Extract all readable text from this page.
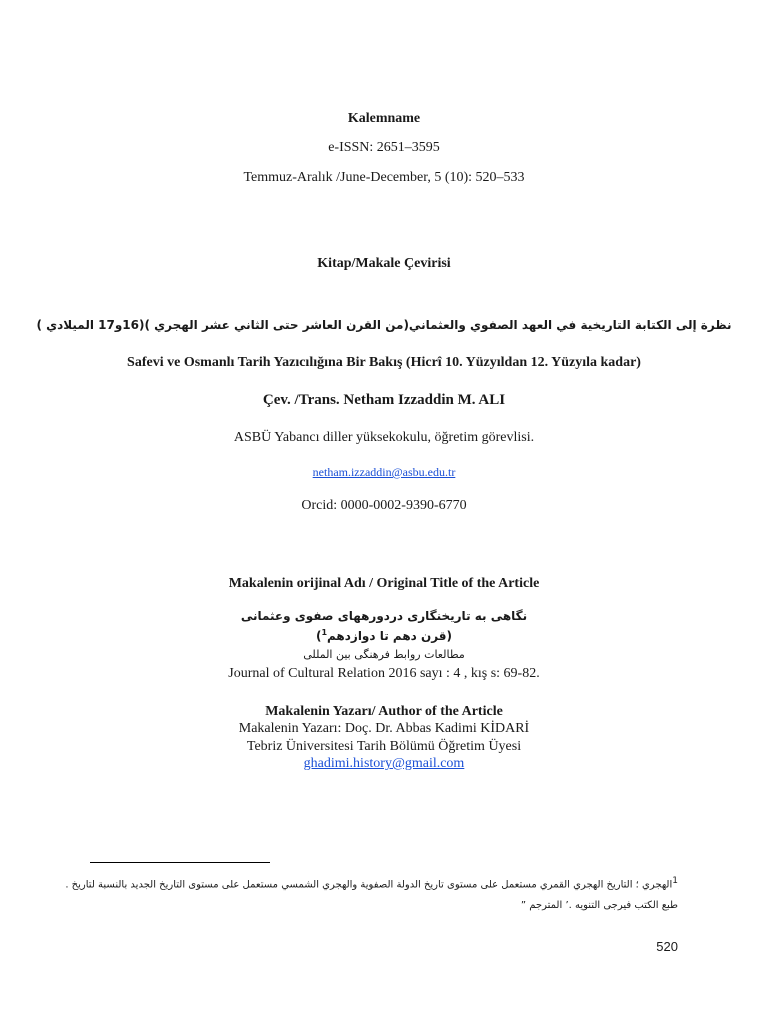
Kalemname
e-ISSN: 2651–3595
Temmuz-Aralık /June-December, 5 (10): 520–533
Kitap/Makale Çevirisi
نظرة إلى الكتابة التاريخية في العهد الصفوي والعثماني(من القرن العاشر حتى الثاني عشر الهجري )(16و17 الميلادي )
Safevi ve Osmanlı Tarih Yazıcılığına Bir Bakış (Hicrî 10. Yüzyıldan 12. Yüzyıla kadar)
Çev. /Trans. Netham Izzaddin M. ALI
ASBÜ Yabancı diller yüksekokulu, öğretim görevlisi.
netham.izzaddin@asbu.edu.tr
Orcid: 0000-0002-9390-6770
Makalenin orijinal Adı / Original Title of the Article
نگاهی به تاریخنگاری دردورههای صفوی وعثمانی
(قرن دهم تا دوازدهم$^1$)
مطالعات روابط فرهنگی بین المللی
Journal of Cultural Relation 2016 sayı : 4 , kış s: 69-82.
Makalenin Yazarı/ Author of the Article
Makalenin Yazarı: Doç. Dr. Abbas Kadimi KİDARİ
Tebriz Üniversitesi Tarih Bölümü Öğretim Üyesi
ghadimi.history@gmail.com
$^1$الهجري ؛ التاريخ الهجري القمري مستعمل على مستوى تاريخ الدولة الصفوية والهجري الشمسي مستعمل على مستوى التاريخ الجديد بالنسبة لتاريخ .
طبع الكتب فيرجى التنويه .’ المترجم ”
520
